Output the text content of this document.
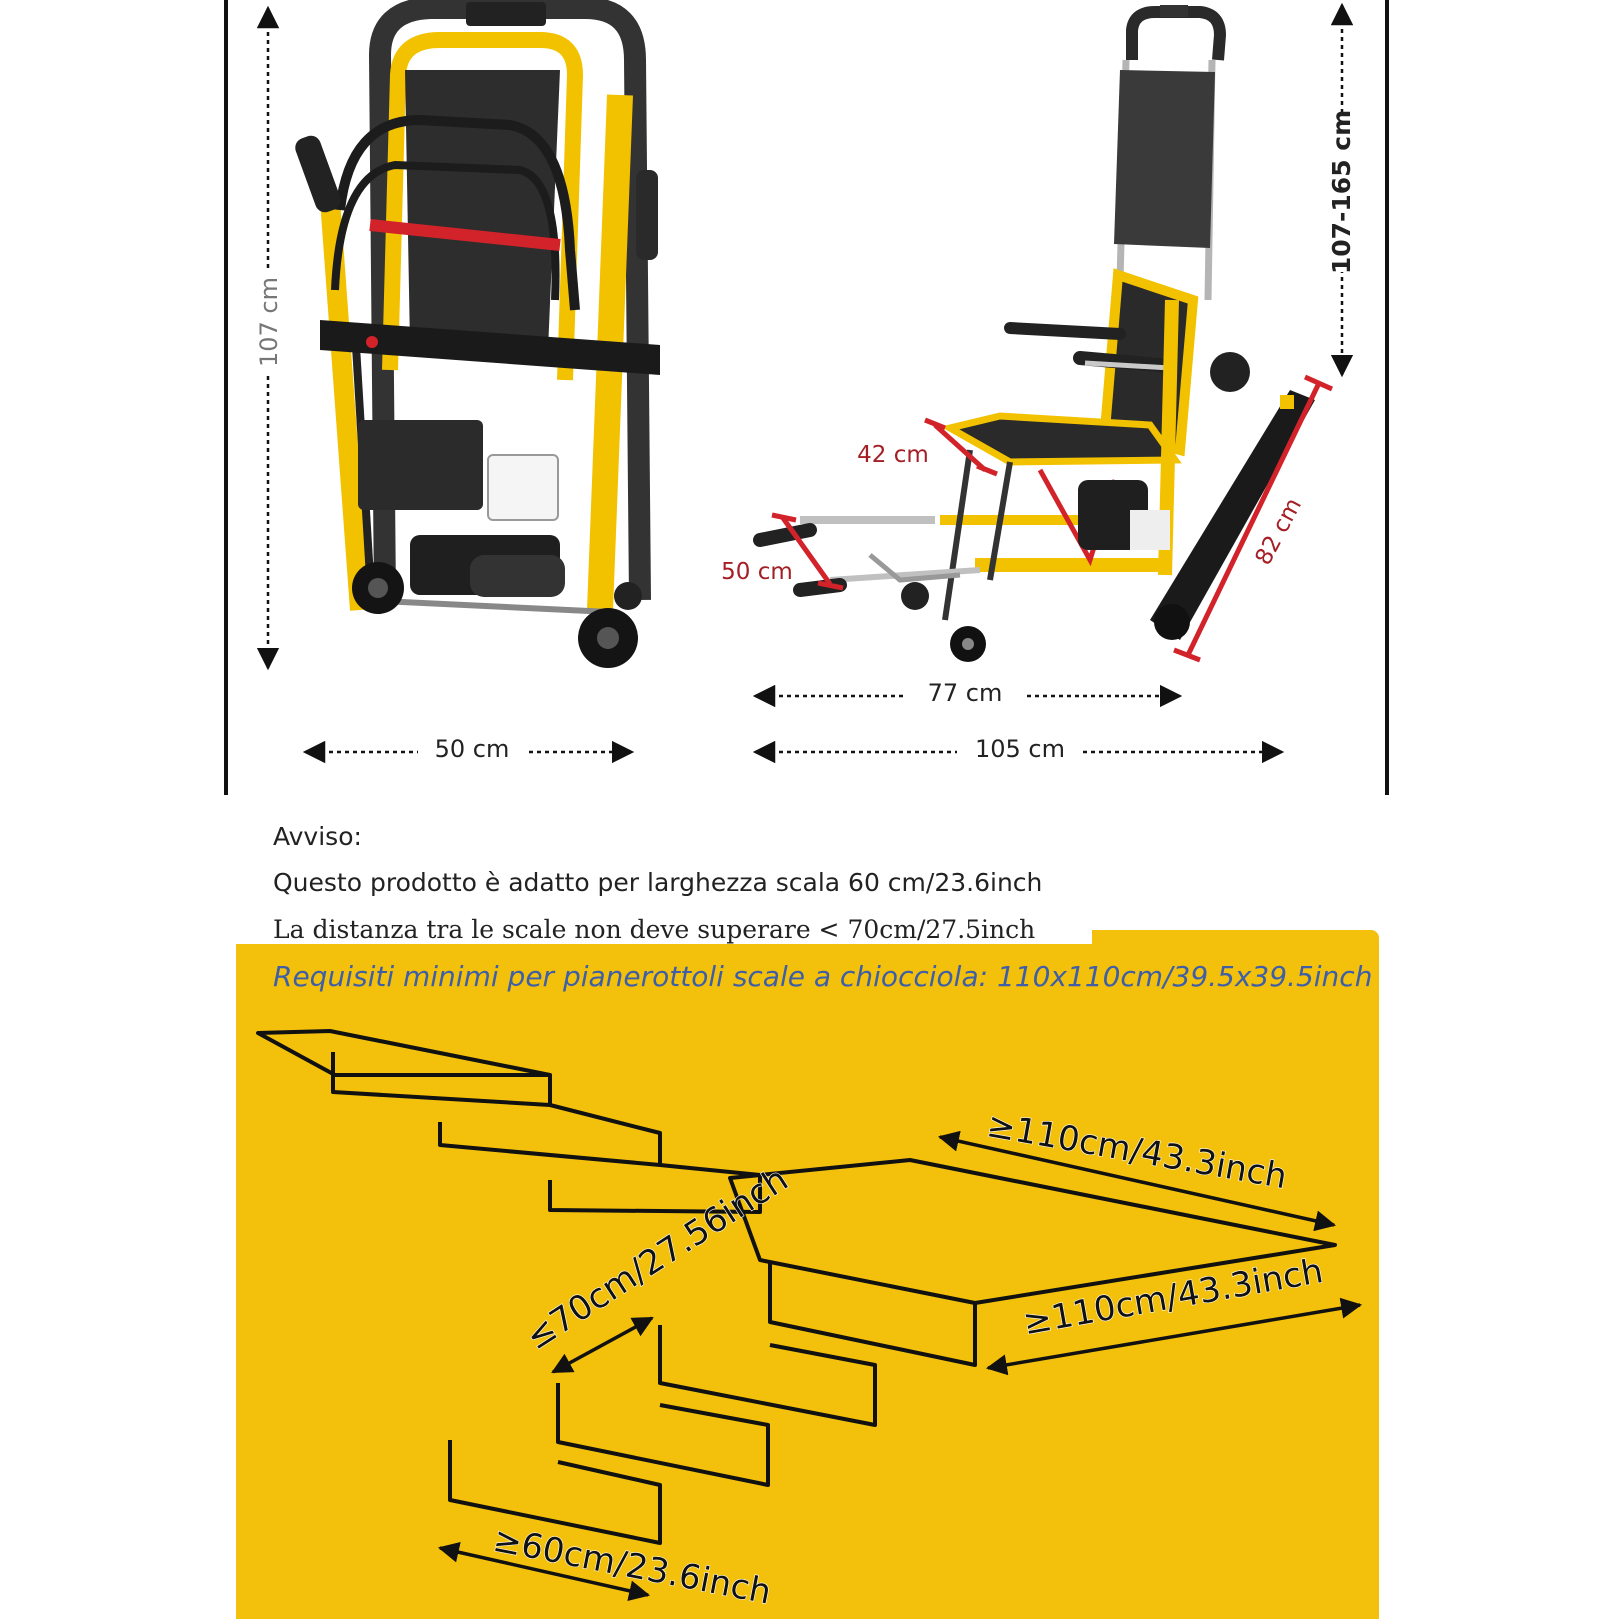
107 cm
107-165 cm
50 cm
77 cm
105 cm
42 cm
50 cm
82 cm
≥110cm/43.3inch
≥110cm/43.3inch
≤70cm/27.56inch
≥60cm/23.6inch
Avviso:
Questo prodotto è adatto per larghezza scala 60 cm/23.6inch
La distanza tra le scale non deve superare < 70cm/27.5inch
Requisiti minimi per pianerottoli scale a chiocciola: 110x110cm/39.5x39.5inch
